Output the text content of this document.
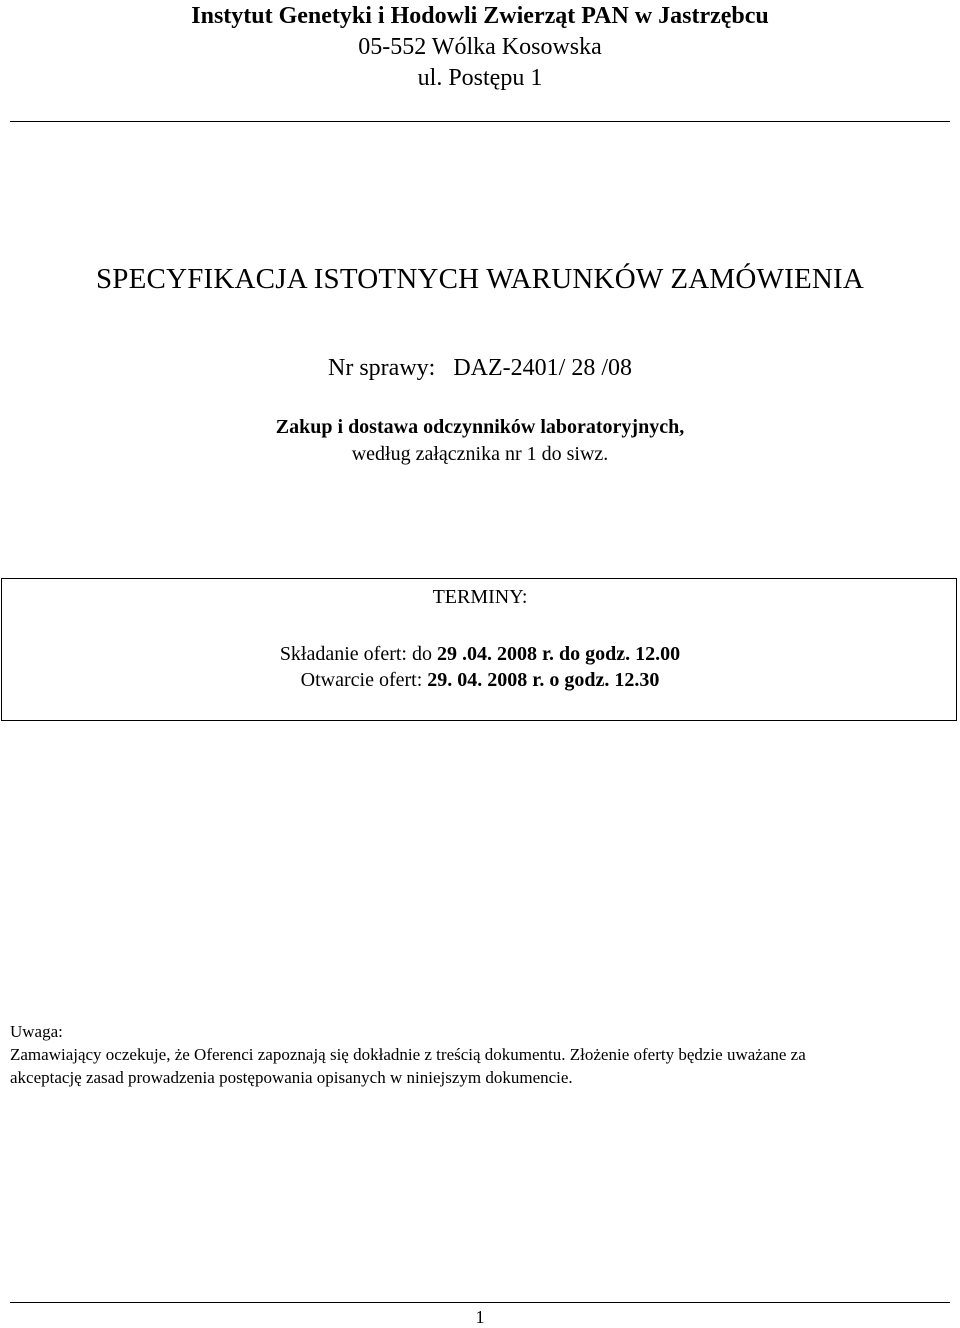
Instytut Genetyki i Hodowli Zwierząt PAN w Jastrzębcu
05-552 Wólka Kosowska
ul. Postępu 1
SPECYFIKACJA ISTOTNYCH WARUNKÓW ZAMÓWIENIA
Nr sprawy: DAZ-2401/ 28 /08
Zakup i dostawa odczynników laboratoryjnych,
według załącznika nr 1 do siwz.
TERMINY:
Składanie ofert: do 29 .04. 2008 r. do godz. 12.00
Otwarcie ofert: 29. 04. 2008 r. o godz. 12.30
Uwaga:
Zamawiający oczekuje, że Oferenci zapoznają się dokładnie z treścią dokumentu. Złożenie oferty będzie uważane za
akceptację zasad prowadzenia postępowania opisanych w niniejszym dokumencie.
1
